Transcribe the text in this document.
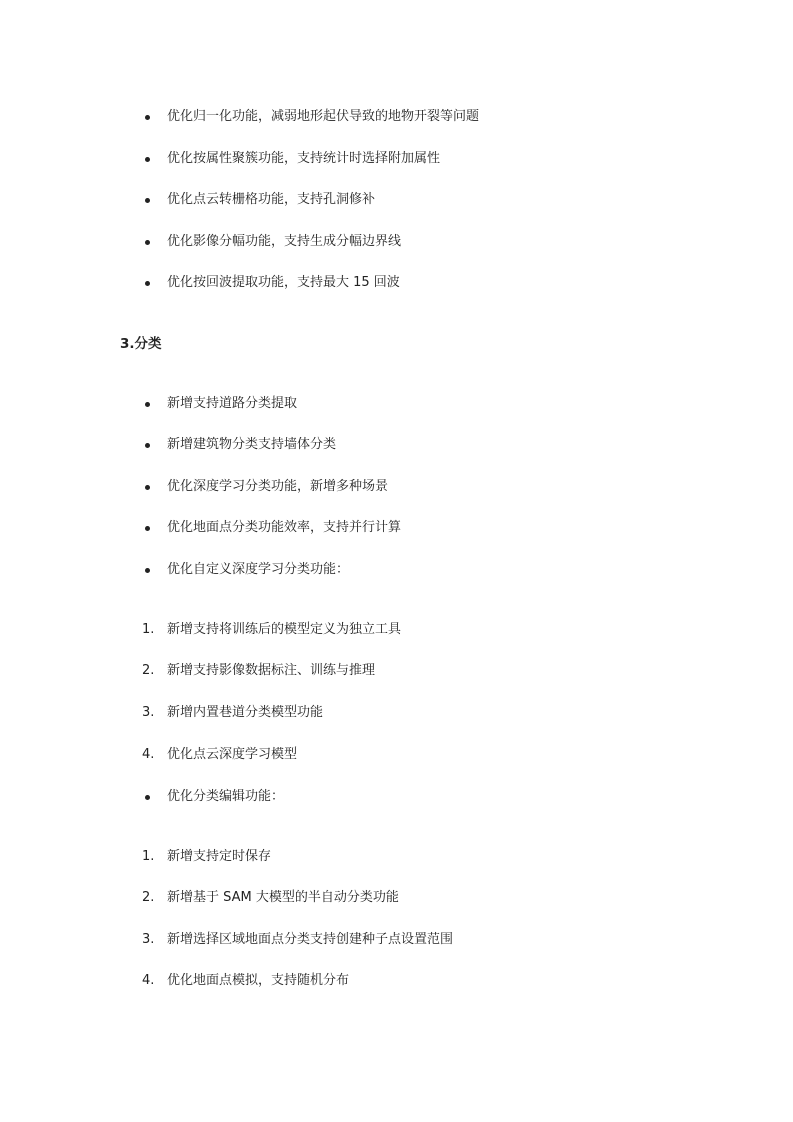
优化归一化功能，减弱地形起伏导致的地物开裂等问题
优化按属性聚簇功能，支持统计时选择附加属性
优化点云转栅格功能，支持孔洞修补
优化影像分幅功能，支持生成分幅边界线
优化按回波提取功能，支持最大 15 回波
3.分类
新增支持道路分类提取
新增建筑物分类支持墙体分类
优化深度学习分类功能，新增多种场景
优化地面点分类功能效率，支持并行计算
优化自定义深度学习分类功能：
1. 新增支持将训练后的模型定义为独立工具
2. 新增支持影像数据标注、训练与推理
3. 新增内置巷道分类模型功能
4. 优化点云深度学习模型
优化分类编辑功能：
1. 新增支持定时保存
2. 新增基于 SAM 大模型的半自动分类功能
3. 新增选择区域地面点分类支持创建种子点设置范围
4. 优化地面点模拟，支持随机分布
